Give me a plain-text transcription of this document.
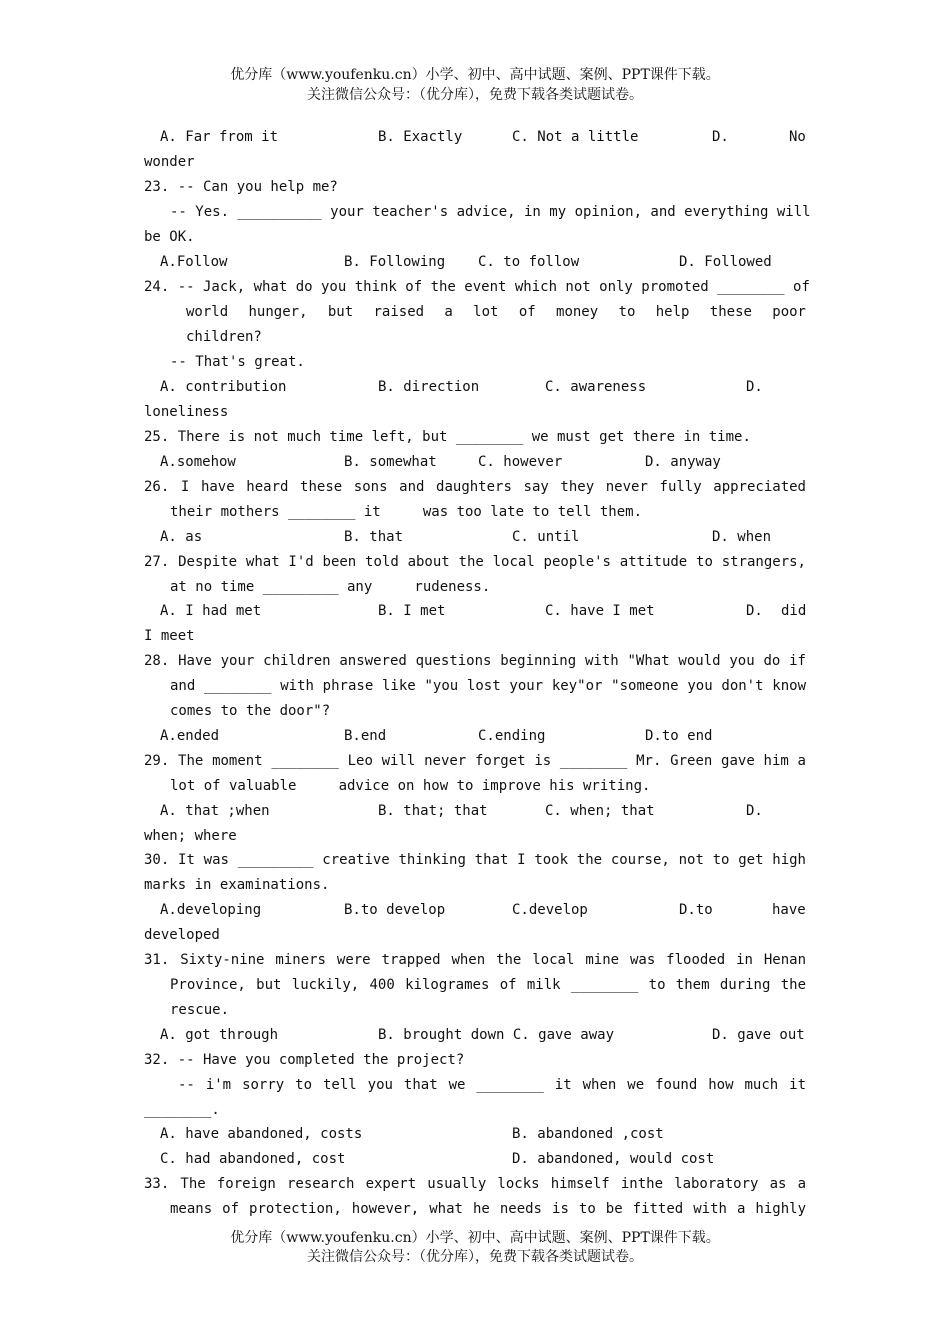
优分库（www.youfenku.cn）小学、初中、高中试题、案例、PPT课件下载。
关注微信公众号：（优分库），免费下载各类试题试卷。

A. Far from it

	B. Exactly

	C. Not a little

	D.

	No

wonder
23. -- Can you help me?
-- Yes. __________ your teacher's advice, in my opinion, and everything will
be OK.

A.Follow

	B. Following

C. to follow

	D. Followed

24. -- Jack, what do you think of the event which not only promoted ________ of
world hunger, but raised a lot of money to help these poor
children?
-- That's great.

A. contribution

	B. direction

	C. awareness

	D.

loneliness
25. There is not much time left, but ________ we must get there in time.

A.somehow

	B. somewhat

	C. however

	D. anyway

26. I have heard these sons and daughters say they never fully appreciated
their mothers ________ it     was too late to tell them.

A. as

	B. that

	C. until

	D. when

27. Despite what I'd been told about the local people's attitude to strangers,
at no time _________ any     rudeness.

A. I had met

	B. I met

	C. have I met

	D.

did

I meet
28. Have your children answered questions beginning with "What would you do if
and ________ with phrase like "you lost your key"or "someone you don't know
comes to the door"?

A.ended

	B.end

	C.ending

	D.to end

29. The moment ________ Leo will never forget is ________ Mr. Green gave him a
lot of valuable     advice on how to improve his writing.

A. that ;when

	B. that; that

	C. when; that

	D.

when; where
30. It was _________ creative thinking that I took the course, not to get high
marks in examinations.

A.developing

	B.to develop

	C.develop

	D.to

	have

developed
31. Sixty-nine miners were trapped when the local mine was flooded in Henan
Province, but luckily, 400 kilogrames of milk ________ to them during the
rescue.

A. got through

	B. brought down C. gave away

	D. gave out

32. -- Have you completed the project?
-- i'm sorry to tell you that we ________ it when we found how much it
________.

A. have abandoned, costs

	B. abandoned ,cost

C. had abandoned, cost

	D. abandoned, would cost

33. The foreign research expert usually locks himself inthe laboratory as a
means of protection, however, what he needs is to be fitted with a highly
优分库（www.youfenku.cn）小学、初中、高中试题、案例、PPT课件下载。
关注微信公众号：（优分库），免费下载各类试题试卷。
